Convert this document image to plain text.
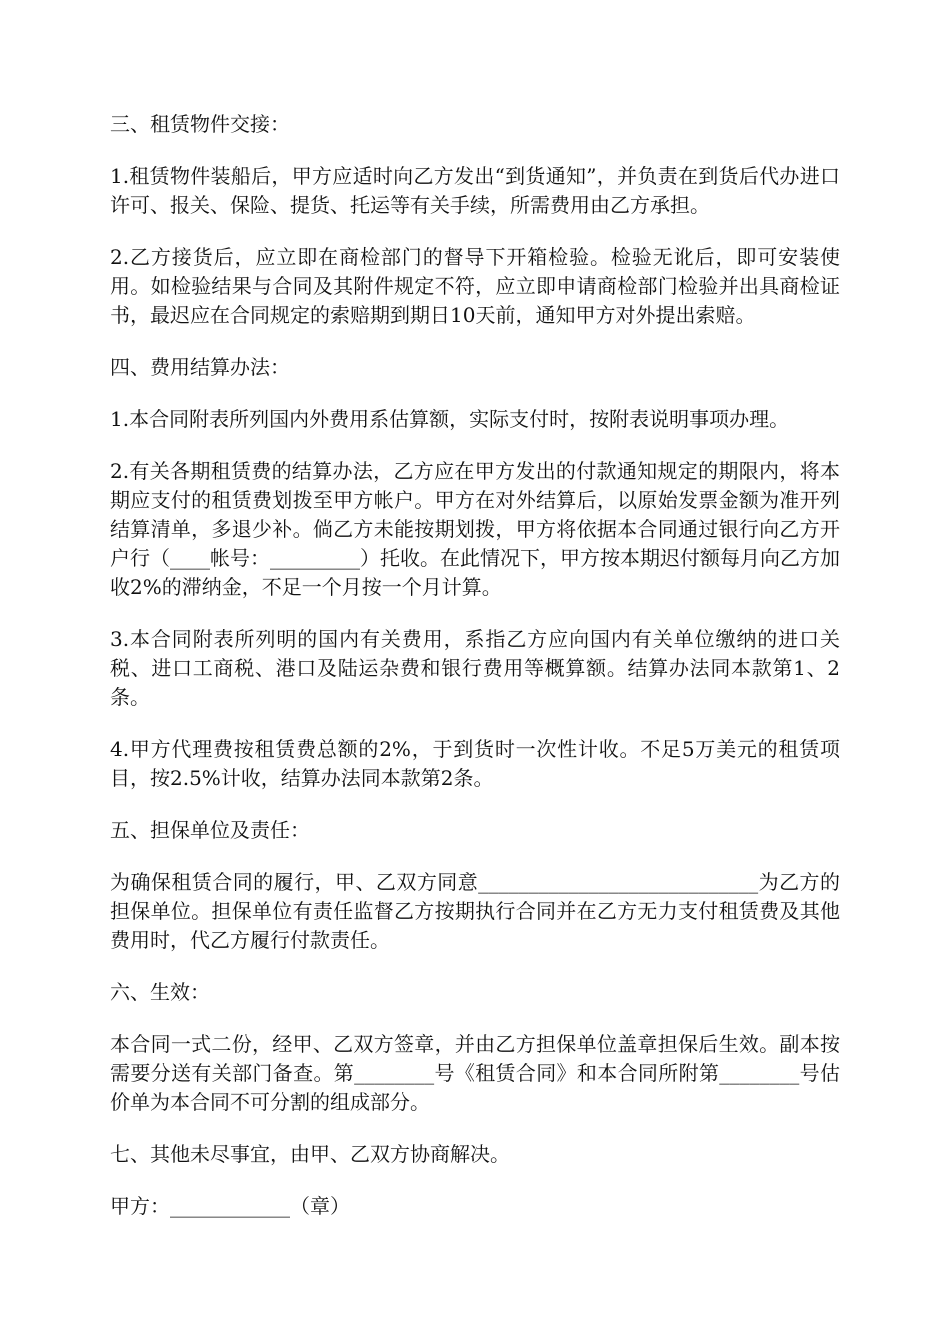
三、租赁物件交接：

1.租赁物件装船后，甲方应适时向乙方发出“到货通知”，并负责在到货后代办进口许可、报关、保险、提货、托运等有关手续，所需费用由乙方承担。

2.乙方接货后，应立即在商检部门的督导下开箱检验。检验无讹后，即可安装使用。如检验结果与合同及其附件规定不符，应立即申请商检部门检验并出具商检证书，最迟应在合同规定的索赔期到期日10天前，通知甲方对外提出索赔。

四、费用结算办法：

1.本合同附表所列国内外费用系估算额，实际支付时，按附表说明事项办理。

2.有关各期租赁费的结算办法，乙方应在甲方发出的付款通知规定的期限内，将本期应支付的租赁费划拨至甲方帐户。甲方在对外结算后，以原始发票金额为准开列结算清单，多退少补。倘乙方未能按期划拨，甲方将依据本合同通过银行向乙方开户行（____帐号：_________）托收。在此情况下，甲方按本期迟付额每月向乙方加收2%的滞纳金，不足一个月按一个月计算。

3.本合同附表所列明的国内有关费用，系指乙方应向国内有关单位缴纳的进口关税、进口工商税、港口及陆运杂费和银行费用等概算额。结算办法同本款第1、2条。

4.甲方代理费按租赁费总额的2%，于到货时一次性计收。不足5万美元的租赁项目，按2.5%计收，结算办法同本款第2条。

五、担保单位及责任：

为确保租赁合同的履行，甲、乙双方同意____________________________为乙方的担保单位。担保单位有责任监督乙方按期执行合同并在乙方无力支付租赁费及其他费用时，代乙方履行付款责任。

六、生效：

本合同一式二份，经甲、乙双方签章，并由乙方担保单位盖章担保后生效。副本按需要分送有关部门备查。第________号《租赁合同》和本合同所附第________号估价单为本合同不可分割的组成部分。

七、其他未尽事宜，由甲、乙双方协商解决。

甲方：____________（章）
